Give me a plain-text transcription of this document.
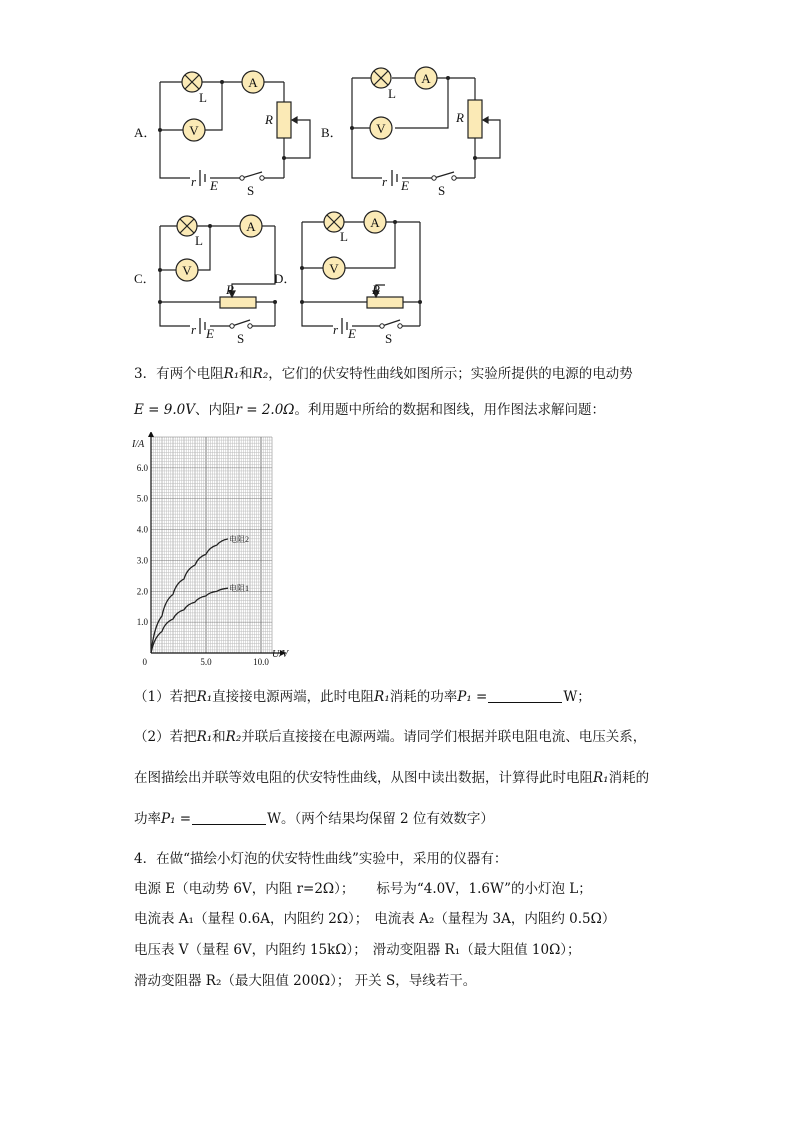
A
V
A
V
A
V
A
V
L	L
L	L
S	S
S	S
R	R
R	R
r E	r E
r E	r E
A．	B．
C．	D．
3．有两个电阻R₁和R₂，它们的伏安特性曲线如图所示；实验所提供的电源的电动势
E = 9.0V、内阻r = 2.0Ω。利用题中所给的数据和图线，用作图法求解问题：
0	5.0	10.0
1.0
2.0
3.0
4.0
5.0
6.0
电阻1
电阻2
I/A
U/V
（1）若把R₁直接接电源两端，此时电阻R₁消耗的功率P₁ =	W；
（2）若把R₁和R₂并联后直接接在电源两端。请同学们根据并联电阻电流、电压关系，
在图描绘出并联等效电阻的伏安特性曲线，从图中读出数据，计算得此时电阻R₁消耗的
功率P₁ =	W。（两个结果均保留 2 位有效数字）
4．在做“描绘小灯泡的伏安特性曲线”实验中，采用的仪器有：
电源 E（电动势 6V，内阻 r=2Ω）； 标号为“4.0V，1.6W”的小灯泡 L；
电流表 A₁（量程 0.6A，内阻约 2Ω）； 电流表 A₂（量程为 3A，内阻约 0.5Ω）
电压表 V（量程 6V，内阻约 15kΩ）； 滑动变阻器 R₁（最大阻值 10Ω）；
滑动变阻器 R₂（最大阻值 200Ω）； 开关 S，导线若干。
